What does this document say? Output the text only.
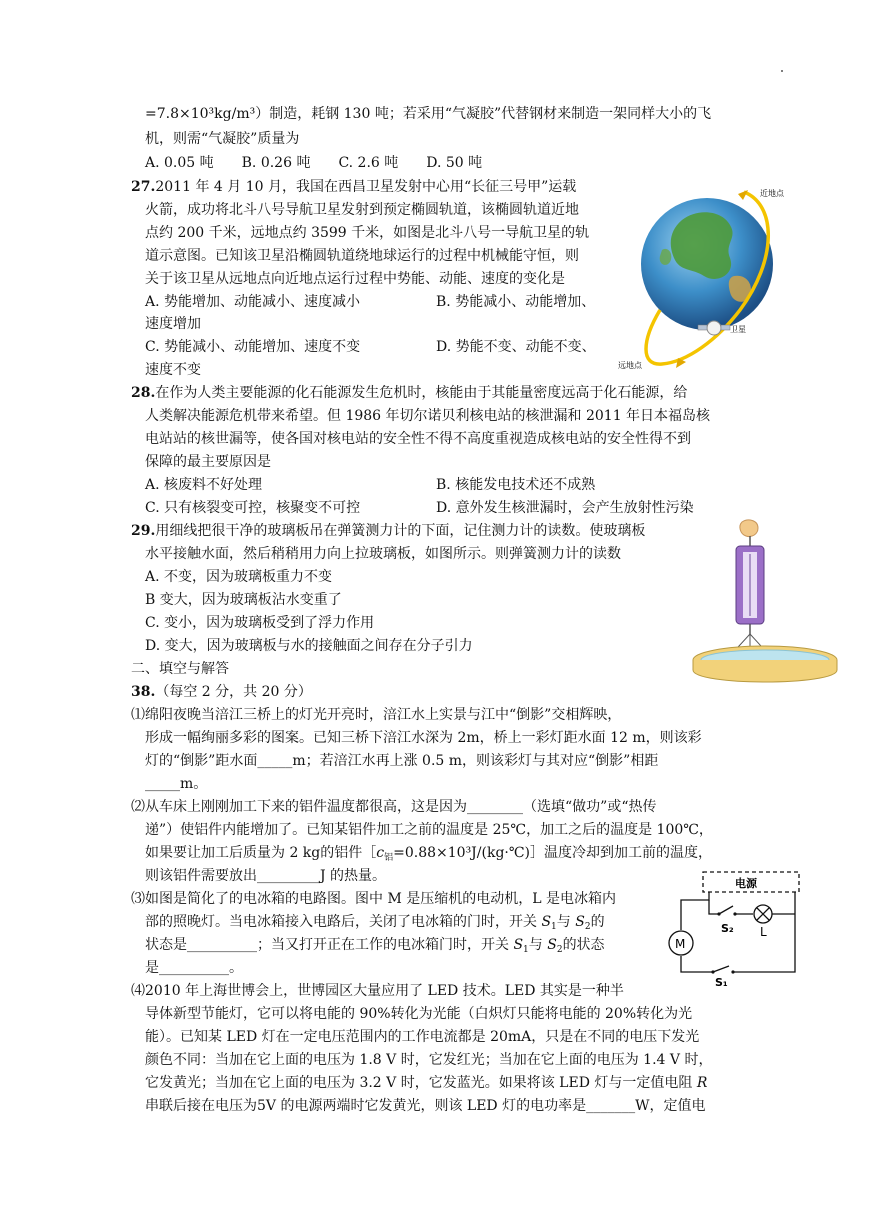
=7.8×10³kg/m³）制造，耗钢 130 吨；若采用“气凝胶”代替钢材来制造一架同样大小的飞
机，则需“气凝胶”质量为
A. 0.05 吨　　B. 0.26 吨　　C. 2.6 吨　　D. 50 吨
27.2011 年 4 月 10 月，我国在西昌卫星发射中心用“长征三号甲”运载
火箭，成功将北斗八号导航卫星发射到预定椭圆轨道，该椭圆轨道近地
点约 200 千米，远地点约 3599 千米，如图是北斗八号一导航卫星的轨
道示意图。已知该卫星沿椭圆轨道绕地球运行的过程中机械能守恒，则
关于该卫星从远地点向近地点运行过程中势能、动能、速度的变化是
A. 势能增加、动能减小、速度减小	B. 势能减小、动能增加、
速度增加
C. 势能减小、动能增加、速度不变	D. 势能不变、动能不变、
速度不变
近地点
卫星
远地点
28.在作为人类主要能源的化石能源发生危机时，核能由于其能量密度远高于化石能源，给
人类解决能源危机带来希望。但 1986 年切尔诺贝利核电站的核泄漏和 2011 年日本福岛核
电站站的核世漏等，使各国对核电站的安全性不得不高度重视造成核电站的安全性得不到
保障的最主要原因是
A. 核废料不好处理	B. 核能发电技术还不成熟
C. 只有核裂变可控，核聚变不可控	D. 意外发生核泄漏时，会产生放射性污染
29.用细线把很干净的玻璃板吊在弹簧测力计的下面，记住测力计的读数。使玻璃板
水平接触水面，然后稍稍用力向上拉玻璃板，如图所示。则弹簧测力计的读数
A. 不变，因为玻璃板重力不变
B 变大，因为玻璃板沾水变重了
C. 变小，因为玻璃板受到了浮力作用
D. 变大，因为玻璃板与水的接触面之间存在分子引力
二、填空与解答
38.（每空 2 分，共 20 分）
⑴绵阳夜晚当涪江三桥上的灯光开亮时，涪江水上实景与江中“倒影”交相辉映，
形成一幅绚丽多彩的图案。已知三桥下涪江水深为 2m，桥上一彩灯距水面 12 m，则该彩
灯的“倒影”距水面_____m；若涪江水再上涨 0.5 m，则该彩灯与其对应“倒影”相距
_____m。
⑵从车床上刚刚加工下来的铝件温度都很高，这是因为________（选填“做功”或“热传
递”）使铝件内能增加了。已知某铝件加工之前的温度是 25℃，加工之后的温度是 100℃，
如果要让加工后质量为 2 kg的铝件$[c_铝=0.88\times 10^3J/(kg\cdot℃)]$温度冷却到加工前的温度，
则该铝件需要放出_________J 的热量。
⑶如图是简化了的电冰箱的电路图。图中 M 是压缩机的电动机，L 是电冰箱内
部的照晚灯。当电冰箱接入电路后，关闭了电冰箱的门时，开关 $S_1$与 $S_2$的
状态是__________；当又打开正在工作的电冰箱门时，开关 $S_1$与 $S_2$的状态
是__________。
电源
M
L
S₂
S₁
⑷2010 年上海世博会上，世博园区大量应用了 LED 技术。LED 其实是一种半
导体新型节能灯，它可以将电能的 90%转化为光能（白炽灯只能将电能的 20%转化为光
能）。已知某 LED 灯在一定电压范围内的工作电流都是 20mA，只是在不同的电压下发光
颜色不同：当加在它上面的电压为 1.8 V 时，它发红光；当加在它上面的电压为 1.4 V 时，
它发黄光；当加在它上面的电压为 3.2 V 时，它发蓝光。如果将该 LED 灯与一定值电阻 R
串联后接在电压为5V 的电源两端时它发黄光，则该 LED 灯的电功率是_______W，定值电
